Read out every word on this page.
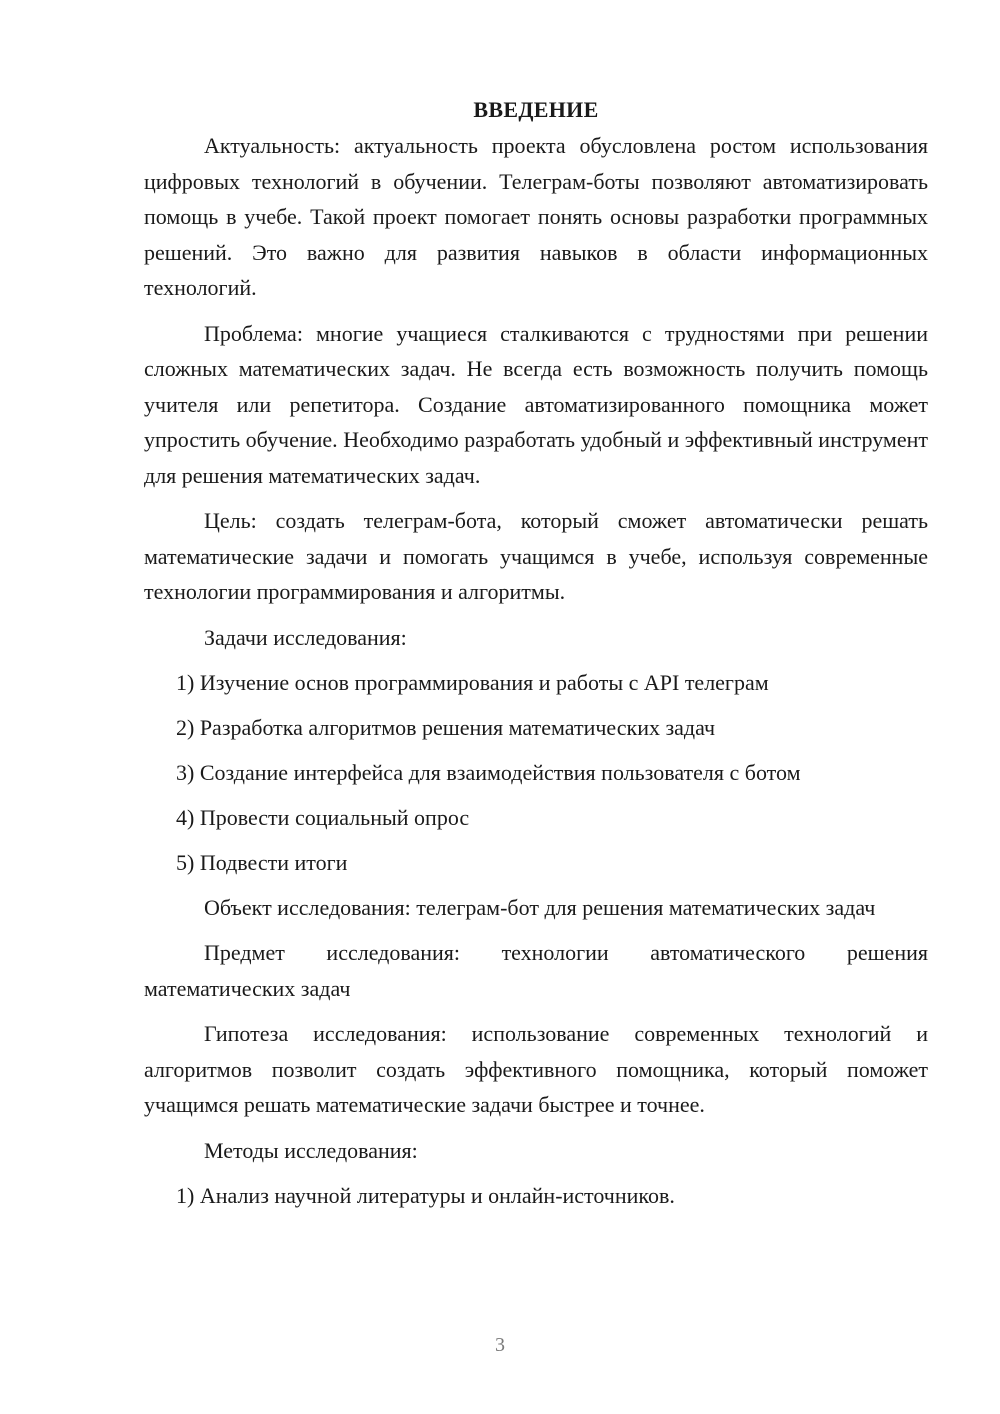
ВВЕДЕНИЕ

Актуальность: актуальность проекта обусловлена ростом использования цифровых технологий в обучении. Телеграм-боты позволяют автоматизировать помощь в учебе. Такой проект помогает понять основы разработки программных решений. Это важно для развития навыков в области информационных технологий.

Проблема: многие учащиеся сталкиваются с трудностями при решении сложных математических задач. Не всегда есть возможность получить помощь учителя или репетитора. Создание автоматизированного помощника может упростить обучение. Необходимо разработать удобный и эффективный инструмент для решения математических задач.

Цель: создать телеграм-бота, который сможет автоматически решать математические задачи и помогать учащимся в учебе, используя современные технологии программирования и алгоритмы.

Задачи исследования:

1) Изучение основ программирования и работы с API телеграм
2) Разработка алгоритмов решения математических задач
3) Создание интерфейса для взаимодействия пользователя с ботом
4) Провести социальный опрос
5) Подвести итоги

Объект исследования: телеграм-бот для решения математических задач

Предмет исследования: технологии автоматического решения математических задач

Гипотеза исследования: использование современных технологий и алгоритмов позволит создать эффективного помощника, который поможет учащимся решать математические задачи быстрее и точнее.

Методы исследования:

1) Анализ научной литературы и онлайн-источников.
3
